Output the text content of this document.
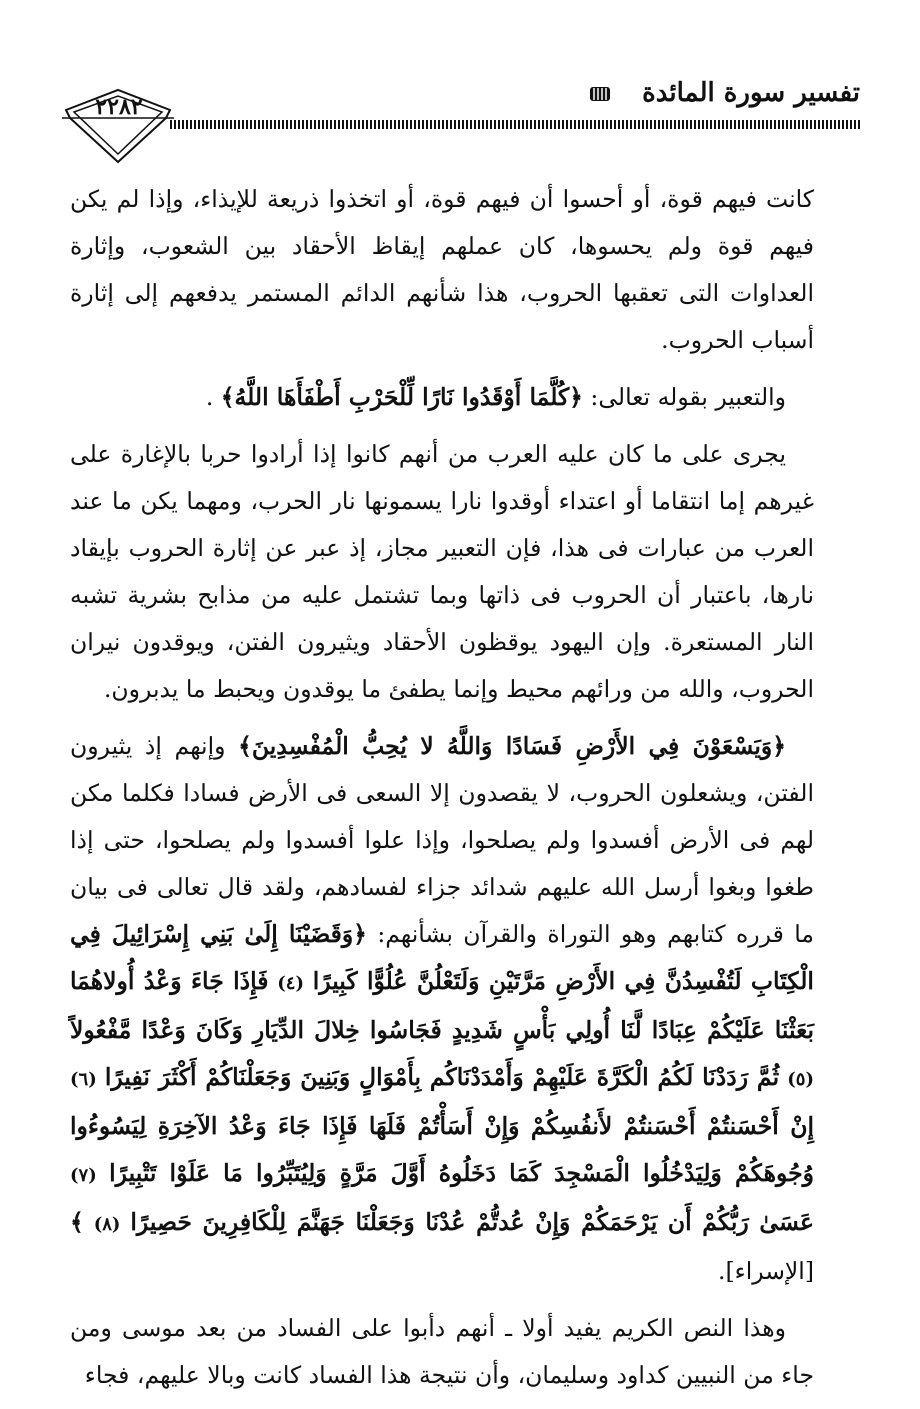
٢٢٨٢	تفسير سورة المائدة

كانت فيهم قوة، أو أحسوا أن فيهم قوة، أو اتخذوا ذريعة للإيذاء، وإذا لم يكن فيهم قوة ولم يحسوها، كان عملهم إيقاظ الأحقاد بين الشعوب، وإثارة العداوات التى تعقبها الحروب، هذا شأنهم الدائم المستمر يدفعهم إلى إثارة أسباب الحروب.

والتعبير بقوله تعالى: ﴿كُلَّمَا أَوْقَدُوا نَارًا لِّلْحَرْبِ أَطْفَأَهَا اللَّهُ﴾ .

يجرى على ما كان عليه العرب من أنهم كانوا إذا أرادوا حربا بالإغارة على غيرهم إما انتقاما أو اعتداء أوقدوا نارا يسمونها نار الحرب، ومهما يكن ما عند العرب من عبارات فى هذا، فإن التعبير مجاز، إذ عبر عن إثارة الحروب بإيقاد نارها، باعتبار أن الحروب فى ذاتها وبما تشتمل عليه من مذابح بشرية تشبه النار المستعرة. وإن اليهود يوقظون الأحقاد ويثيرون الفتن، ويوقدون نيران الحروب، والله من ورائهم محيط وإنما يطفئ ما يوقدون ويحبط ما يدبرون.

﴿وَيَسْعَوْنَ فِي الأَرْضِ فَسَادًا وَاللَّهُ لا يُحِبُّ الْمُفْسِدِينَ﴾ وإنهم إذ يثيرون الفتن، ويشعلون الحروب، لا يقصدون إلا السعى فى الأرض فسادا فكلما مكن لهم فى الأرض أفسدوا ولم يصلحوا، وإذا علوا أفسدوا ولم يصلحوا، حتى إذا طغوا وبغوا أرسل الله عليهم شدائد جزاء لفسادهم، ولقد قال تعالى فى بيان ما قرره كتابهم وهو التوراة والقرآن بشأنهم: ﴿وَقَضَيْنَا إِلَىٰ بَنِي إِسْرَائِيلَ فِي الْكِتَابِ لَتُفْسِدُنَّ فِي الأَرْضِ مَرَّتَيْنِ وَلَتَعْلُنَّ عُلُوًّا كَبِيرًا (٤) فَإِذَا جَاءَ وَعْدُ أُولاهُمَا بَعَثْنَا عَلَيْكُمْ عِبَادًا لَّنَا أُولِي بَأْسٍ شَدِيدٍ فَجَاسُوا خِلالَ الدِّيَارِ وَكَانَ وَعْدًا مَّفْعُولاً (٥) ثُمَّ رَدَدْنَا لَكُمُ الْكَرَّةَ عَلَيْهِمْ وَأَمْدَدْنَاكُم بِأَمْوَالٍ وَبَنِينَ وَجَعَلْنَاكُمْ أَكْثَرَ نَفِيرًا (٦) إِنْ أَحْسَنتُمْ أَحْسَنتُمْ لأَنفُسِكُمْ وَإِنْ أَسَأْتُمْ فَلَهَا فَإِذَا جَاءَ وَعْدُ الآخِرَةِ لِيَسُوءُوا وُجُوهَكُمْ وَلِيَدْخُلُوا الْمَسْجِدَ كَمَا دَخَلُوهُ أَوَّلَ مَرَّةٍ وَلِيُتَبِّرُوا مَا عَلَوْا تَتْبِيرًا (٧) عَسَىٰ رَبُّكُمْ أَن يَرْحَمَكُمْ وَإِنْ عُدتُّمْ عُدْنَا وَجَعَلْنَا جَهَنَّمَ لِلْكَافِرِينَ حَصِيرًا (٨) ﴾ [الإسراء].

وهذا النص الكريم يفيد أولا ـ أنهم دأبوا على الفساد من بعد موسى ومن جاء من النبيين كداود وسليمان، وأن نتيجة هذا الفساد كانت وبالا عليهم، فجاء
